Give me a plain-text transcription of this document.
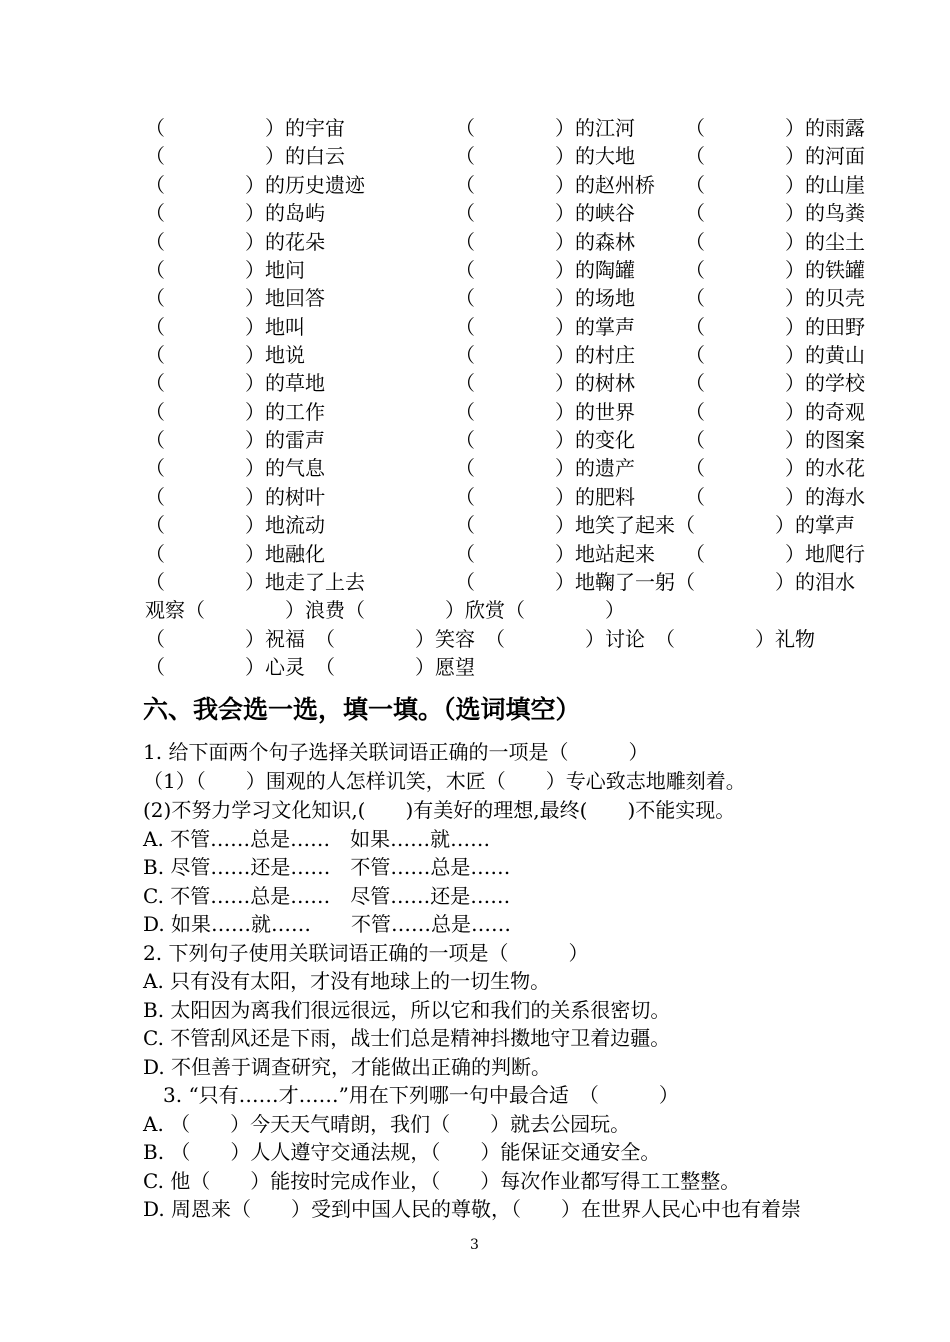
（　　　　　）的宇宙　　　　　　（　　　　）的江河　　　（　　　　）的雨露
（　　　　　）的白云　　　　　　（　　　　）的大地　　　（　　　　）的河面
（　　　　）的历史遗迹　　　　　（　　　　）的赵州桥　　（　　　　）的山崖
（　　　　）的岛屿　　　　　　　（　　　　）的峡谷　　　（　　　　）的鸟粪
（　　　　）的花朵　　　　　　　（　　　　）的森林　　　（　　　　）的尘土
（　　　　）地问　　　　　　　　（　　　　）的陶罐　　　（　　　　）的铁罐
（　　　　）地回答　　　　　　　（　　　　）的场地　　　（　　　　）的贝壳
（　　　　）地叫　　　　　　　　（　　　　）的掌声　　　（　　　　）的田野
（　　　　）地说　　　　　　　　（　　　　）的村庄　　　（　　　　）的黄山
（　　　　）的草地　　　　　　　（　　　　）的树林　　　（　　　　）的学校
（　　　　）的工作　　　　　　　（　　　　）的世界　　　（　　　　）的奇观
（　　　　）的雷声　　　　　　　（　　　　）的变化　　　（　　　　）的图案
（　　　　）的气息　　　　　　　（　　　　）的遗产　　　（　　　　）的水花
（　　　　）的树叶　　　　　　　（　　　　）的肥料　　　（　　　　）的海水
（　　　　）地流动　　　　　　　（　　　　）地笑了起来（　　　　）的掌声
（　　　　）地融化　　　　　　　（　　　　）地站起来　　（　　　　）地爬行
（　　　　）地走了上去　　　　　（　　　　）地鞠了一躬（　　　　）的泪水
观察（　　　　）浪费（　　　　）欣赏（　　　　）
（　　　　）祝福　（　　　　）笑容　（　　　　）讨论　（　　　　）礼物
（　　　　）心灵　（　　　　）愿望
六、我会选一选，填一填。（选词填空）
1. 给下面两个句子选择关联词语正确的一项是（　　　）
（1）（　　）围观的人怎样讥笑，木匠（　　）专心致志地雕刻着。
(2)不努力学习文化知识,(　　)有美好的理想,最终(　　)不能实现。
A. 不管……总是……　如果……就……
B. 尽管……还是……　不管……总是……
C. 不管……总是……　尽管……还是……
D. 如果……就……　　不管……总是……
2. 下列句子使用关联词语正确的一项是（　　　）
A. 只有没有太阳，才没有地球上的一切生物。
B. 太阳因为离我们很远很远，所以它和我们的关系很密切。
C. 不管刮风还是下雨，战士们总是精神抖擞地守卫着边疆。
D. 不但善于调查研究，才能做出正确的判断。
3. “只有……才……”用在下列哪一句中最合适　（　　　）
A. （　　）今天天气晴朗，我们（　　）就去公园玩。
B. （　　）人人遵守交通法规，（　　）能保证交通安全。
C. 他（　　）能按时完成作业，（　　）每次作业都写得工工整整。
D. 周恩来（　　）受到中国人民的尊敬，（　　）在世界人民心中也有着崇
3
